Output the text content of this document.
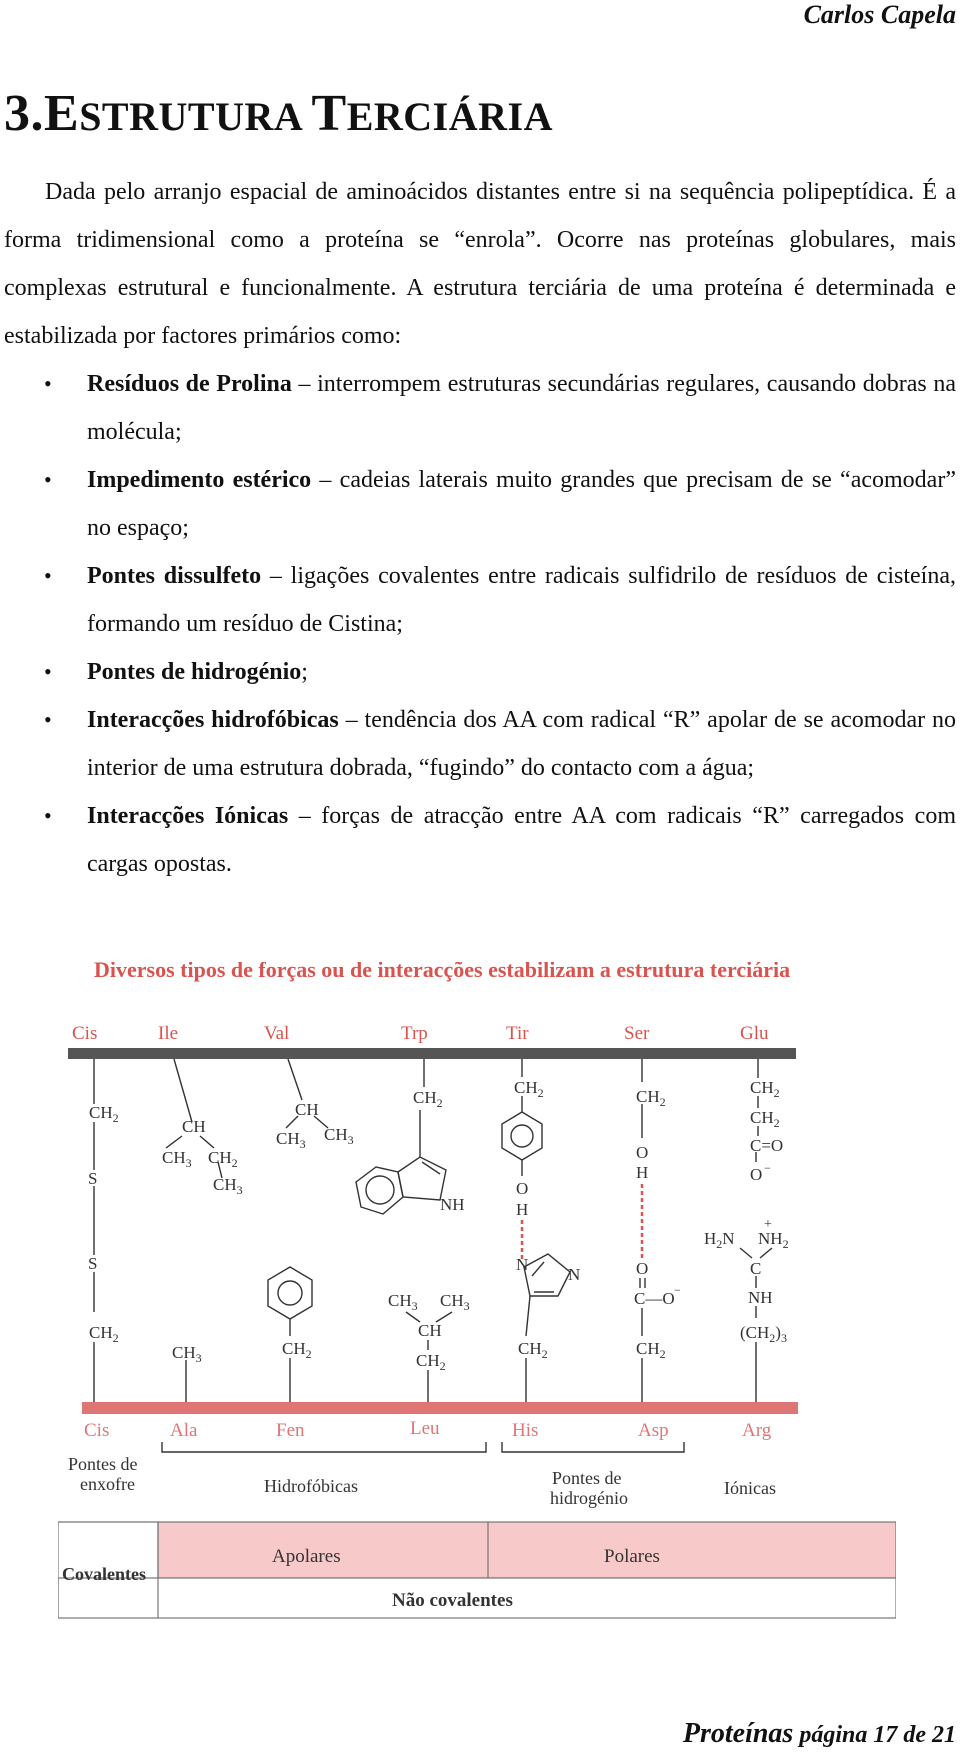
Carlos Capela
3.ESTRUTURA TERCIÁRIA

Dada pelo arranjo espacial de aminoácidos distantes entre si na sequência polipeptídica. É a forma tridimensional como a proteína se “enrola”. Ocorre nas proteínas globulares, mais complexas estrutural e funcionalmente. A estrutura terciária de uma proteína é determinada e estabilizada por factores primários como:

• Resíduos de Prolina – interrompem estruturas secundárias regulares, causando dobras na molécula;
• Impedimento estérico – cadeias laterais muito grandes que precisam de se “acomodar” no espaço;
• Pontes dissulfeto – ligações covalentes entre radicais sulfidrilo de resíduos de cisteína, formando um resíduo de Cistina;
• Pontes de hidrogénio;
• Interacções hidrofóbicas – tendência dos AA com radical “R” apolar de se acomodar no interior de uma estrutura dobrada, “fugindo” do contacto com a água;
• Interacções Iónicas – forças de atracção entre AA com radicais “R” carregados com cargas opostas.
Diversos tipos de forças ou de interacções estabilizam a estrutura terciária
Cis	Ile	Val	Trp	Tir	Ser	Glu
$CH_2$
S
S
$CH_2$
CH
$CH_3$ $CH_2$
$CH_3$
CH
$CH_3$ $CH_3$
$CH_2$
NH
$CH_2$
O
H
N
N
$CH_2$
$CH_2$
O
H
O
C—O −
$CH_2$
$CH_2$
$CH_2$
C=O
O −
+
$H_2N$ $NH_2$
C
NH
$(CH_2)_3$
$CH_2$
$CH_3$
$CH_3$ $CH_3$
CH
$CH_2$
Cis	Ala	Fen	Leu	His	Asp	Arg
Pontes de enxofre	Hidrofóbicas	Pontes de hidrogénio	Iónicas
Covalentes
Apolares	Polares
Não covalentes
Proteínas página 17 de 21
